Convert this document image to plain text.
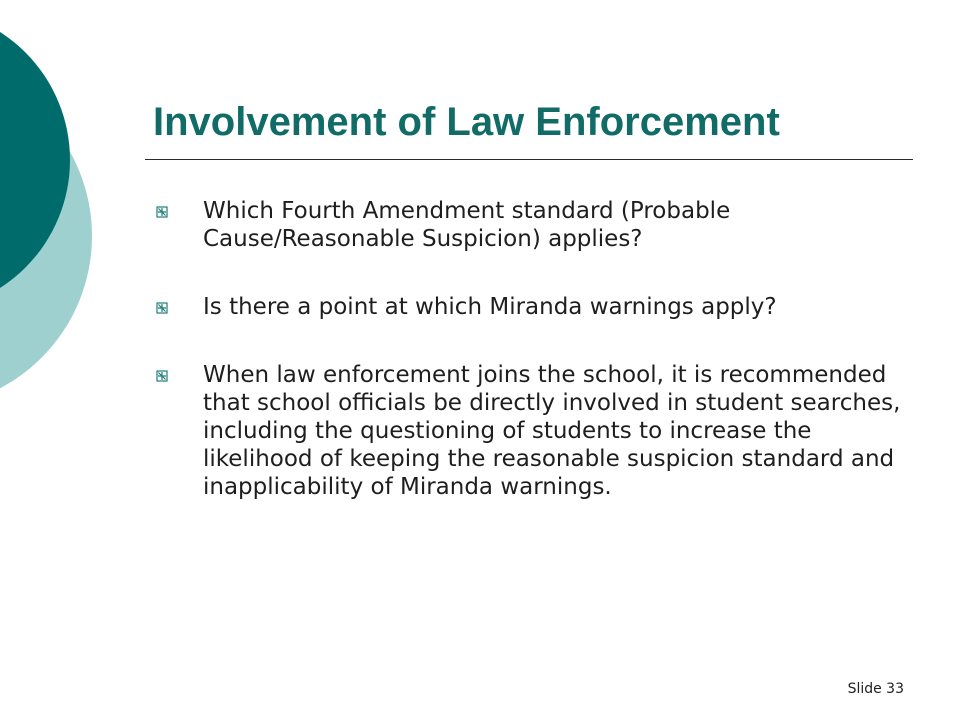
Involvement of Law Enforcement
Which Fourth Amendment standard (Probable Cause/Reasonable Suspicion) applies?
Is there a point at which Miranda warnings apply?
When law enforcement joins the school, it is recommended that school officials be directly involved in student searches, including the questioning of students to increase the likelihood of keeping the reasonable suspicion standard and inapplicability of Miranda warnings.

Slide 33
